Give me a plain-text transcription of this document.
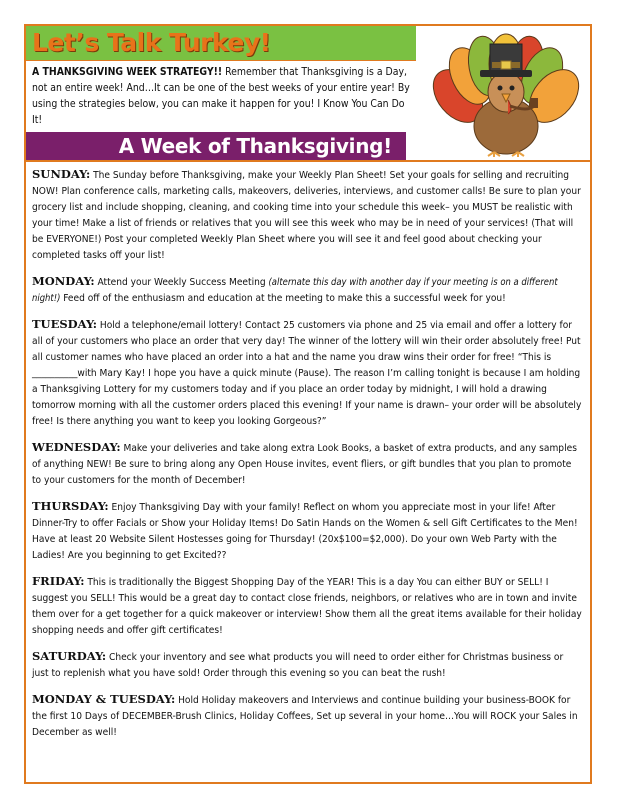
Let’s Talk Turkey!
A THANKSGIVING WEEK STRATEGY!! Remember that Thanksgiving is a Day, not an entire week! And…It can be one of the best weeks of your entire year! By using the strategies below, you can make it happen for you! I Know You Can Do It!
A Week of Thanksgiving!

SUNDAY: The Sunday before Thanksgiving, make your Weekly Plan Sheet! Set your goals for selling and recruiting NOW! Plan conference calls, marketing calls, makeovers, deliveries, interviews, and customer calls! Be sure to plan your grocery list and include shopping, cleaning, and cooking time into your schedule this week– you MUST be realistic with your time! Make a list of friends or relatives that you will see this week who may be in need of your services! (That will be EVERYONE!) Post your completed Weekly Plan Sheet where you will see it and feel good about checking your completed tasks off your list!

MONDAY: Attend your Weekly Success Meeting (alternate this day with another day if your meeting is on a different night!) Feed off of the enthusiasm and education at the meeting to make this a successful week for you!

TUESDAY: Hold a telephone/email lottery! Contact 25 customers via phone and 25 via email and offer a lottery for all of your customers who place an order that very day! The winner of the lottery will win their order absolutely free! Put all customer names who have placed an order into a hat and the name you draw wins their order for free! “This is __________with Mary Kay! I hope you have a quick minute (Pause). The reason I’m calling tonight is because I am holding a Thanksgiving Lottery for my customers today and if you place an order today by midnight, I will hold a drawing tomorrow morning with all the customer orders placed this evening! If your name is drawn– your order will be absolutely free! Is there anything you want to keep you looking Gorgeous?”

WEDNESDAY: Make your deliveries and take along extra Look Books, a basket of extra products, and any samples of anything NEW! Be sure to bring along any Open House invites, event fliers, or gift bundles that you plan to promote to your customers for the month of December!

THURSDAY: Enjoy Thanksgiving Day with your family! Reflect on whom you appreciate most in your life! After Dinner-Try to offer Facials or Show your Holiday Items! Do Satin Hands on the Women & sell Gift Certificates to the Men! Have at least 20 Website Silent Hostesses going for Thursday! (20x$100=$2,000). Do your own Web Party with the Ladies! Are you beginning to get Excited??

FRIDAY: This is traditionally the Biggest Shopping Day of the YEAR! This is a day You can either BUY or SELL! I suggest you SELL! This would be a great day to contact close friends, neighbors, or relatives who are in town and invite them over for a get together for a quick makeover or interview! Show them all the great items available for their holiday shopping needs and offer gift certificates!

SATURDAY: Check your inventory and see what products you will need to order either for Christmas business or just to replenish what you have sold! Order through this evening so you can beat the rush!

MONDAY & TUESDAY: Hold Holiday makeovers and Interviews and continue building your business-BOOK for the first 10 Days of DECEMBER-Brush Clinics, Holiday Coffees, Set up several in your home…You will ROCK your Sales in December as well!
